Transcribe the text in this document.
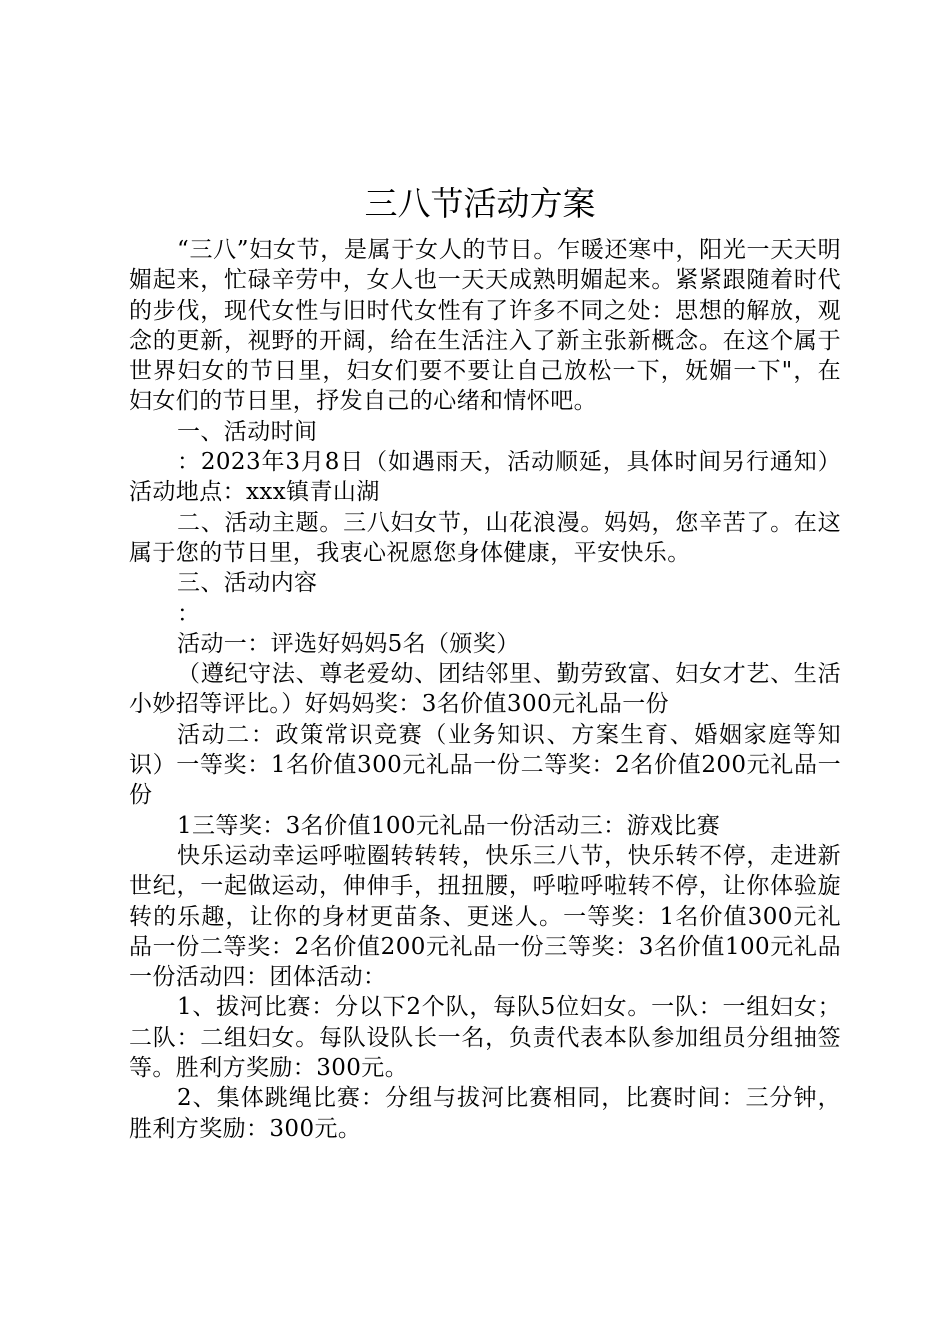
三八节活动方案

“三八”妇女节，是属于女人的节日。乍暖还寒中，阳光一天天明媚起来，忙碌辛劳中，女人也一天天成熟明媚起来。紧紧跟随着时代的步伐，现代女性与旧时代女性有了许多不同之处：思想的解放，观念的更新，视野的开阔，给在生活注入了新主张新概念。在这个属于世界妇女的节日里，妇女们要不要让自己放松一下，妩媚一下"，在妇女们的节日里，抒发自己的心绪和情怀吧。

一、活动时间

：2023年3月8日（如遇雨天，活动顺延，具体时间另行通知）活动地点：xxx镇青山湖

二、活动主题。三八妇女节，山花浪漫。妈妈，您辛苦了。在这属于您的节日里，我衷心祝愿您身体健康，平安快乐。

三、活动内容

：

活动一：评选好妈妈5名（颁奖）

（遵纪守法、尊老爱幼、团结邻里、勤劳致富、妇女才艺、生活小妙招等评比。）好妈妈奖：3名价值300元礼品一份

活动二：政策常识竞赛（业务知识、方案生育、婚姻家庭等知识）一等奖：1名价值300元礼品一份二等奖：2名价值200元礼品一份

1三等奖：3名价值100元礼品一份活动三：游戏比赛

快乐运动幸运呼啦圈转转转，快乐三八节，快乐转不停，走进新世纪，一起做运动，伸伸手，扭扭腰，呼啦呼啦转不停，让你体验旋转的乐趣，让你的身材更苗条、更迷人。一等奖：1名价值300元礼品一份二等奖：2名价值200元礼品一份三等奖：3名价值100元礼品一份活动四：团体活动：

1、拔河比赛：分以下2个队，每队5位妇女。一队：一组妇女；二队：二组妇女。每队设队长一名，负责代表本队参加组员分组抽签等。胜利方奖励：300元。

2、集体跳绳比赛：分组与拔河比赛相同，比赛时间：三分钟，胜利方奖励：300元。
